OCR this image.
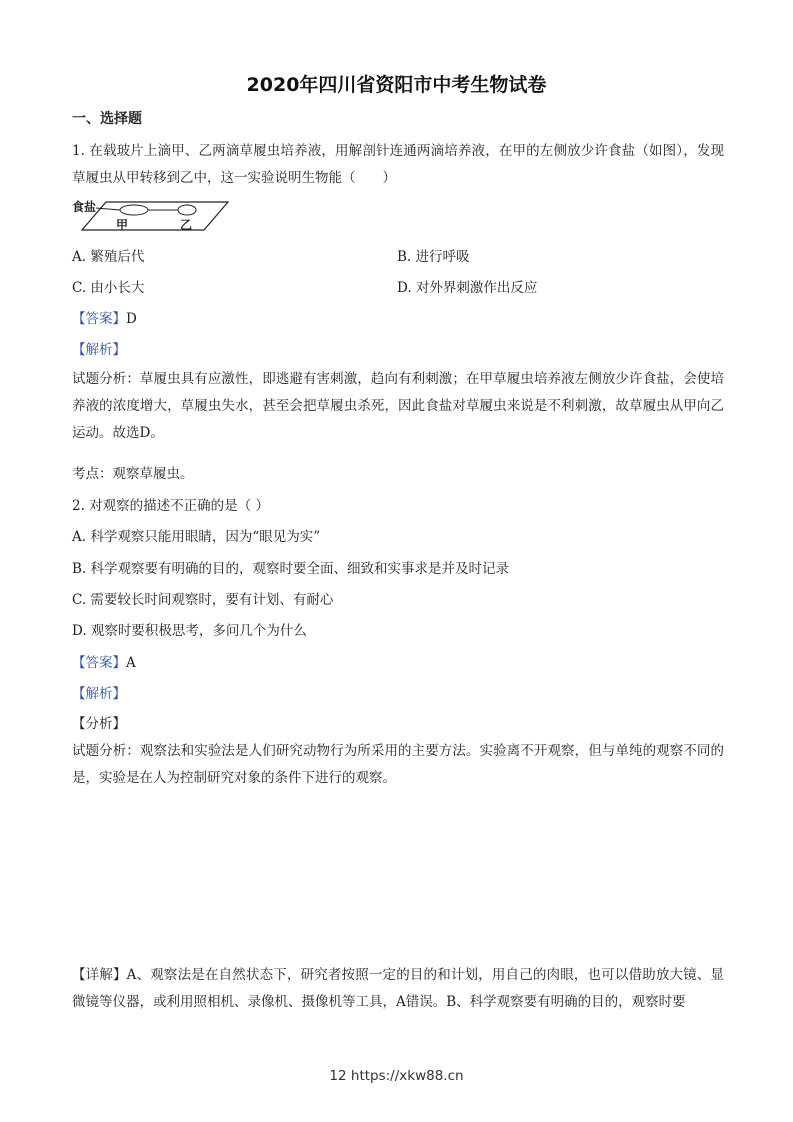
2020年四川省资阳市中考生物试卷
一、选择题
1. 在载玻片上滴甲、乙两滴草履虫培养液，用解剖针连通两滴培养液，在甲的左侧放少许食盐（如图），发现草履虫从甲转移到乙中，这一实验说明生物能（　　）
食盐
甲	乙
A. 繁殖后代	B. 进行呼吸
C. 由小长大	D. 对外界刺激作出反应
【答案】D
【解析】
试题分析：草履虫具有应激性，即逃避有害刺激，趋向有利刺激；在甲草履虫培养液左侧放少许食盐，会使培养液的浓度增大，草履虫失水，甚至会把草履虫杀死，因此食盐对草履虫来说是不利刺激，故草履虫从甲向乙运动。故选D。
考点：观察草履虫。
2. 对观察的描述不正确的是（ ）
A. 科学观察只能用眼睛，因为“眼见为实”
B. 科学观察要有明确的目的，观察时要全面、细致和实事求是并及时记录
C. 需要较长时间观察时，要有计划、有耐心
D. 观察时要积极思考，多问几个为什么
【答案】A
【解析】
【分析】
试题分析：观察法和实验法是人们研究动物行为所采用的主要方法。实验离不开观察，但与单纯的观察不同的是，实验是在人为控制研究对象的条件下进行的观察。
【详解】A、观察法是在自然状态下，研究者按照一定的目的和计划，用自己的肉眼，也可以借助放大镜、显微镜等仪器，或利用照相机、录像机、摄像机等工具，A错误。B、科学观察要有明确的目的，观察时要
12 https://xkw88.cn
